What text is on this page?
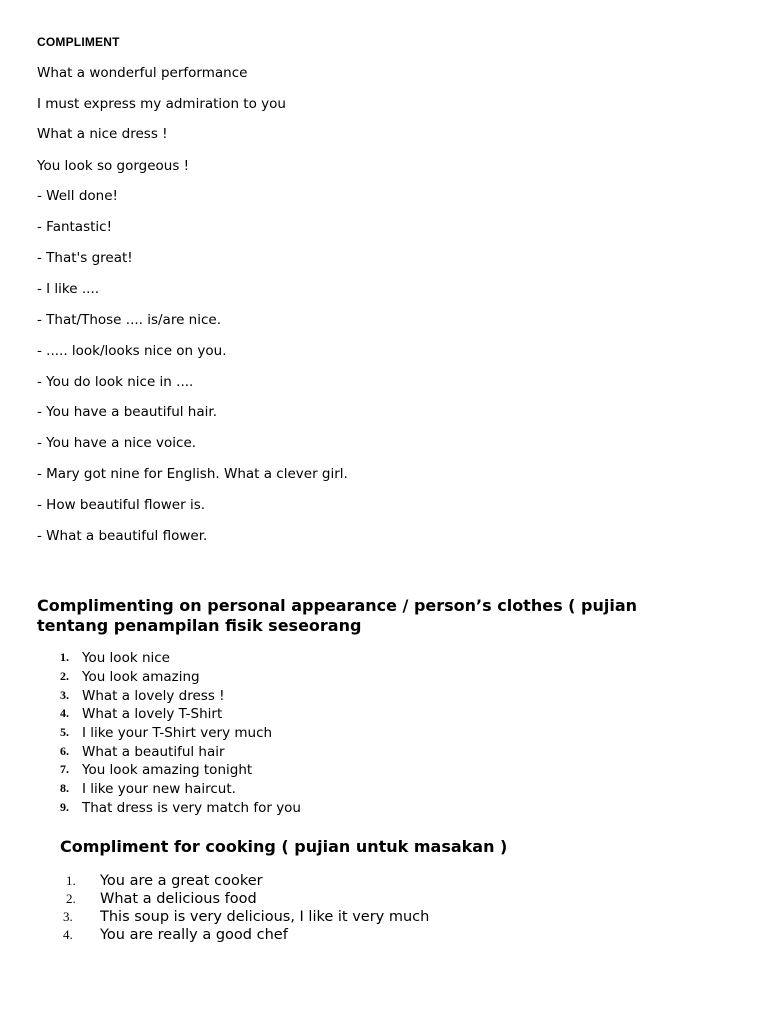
COMPLIMENT
What a wonderful performance
I must express my admiration to you
What a nice dress !
You look so gorgeous !
- Well done!
- Fantastic!
- That's great!
- I like ....
- That/Those .... is/are nice.
- ..... look/looks nice on you.
- You do look nice in ....
- You have a beautiful hair.
- You have a nice voice.
- Mary got nine for English. What a clever girl.
- How beautiful flower is.
- What a beautiful flower.
Complimenting on personal appearance / person’s clothes ( pujian
tentang penampilan fisik seseorang
1. You look nice
2. You look amazing
3. What a lovely dress !
4. What a lovely T-Shirt
5. I like your T-Shirt very much
6. What a beautiful hair
7. You look amazing tonight
8. I like your new haircut.
9. That dress is very match for you
Compliment for cooking ( pujian untuk masakan )
1. You are a great cooker
2. What a delicious food
3. This soup is very delicious, I like it very much
4. You are really a good chef
